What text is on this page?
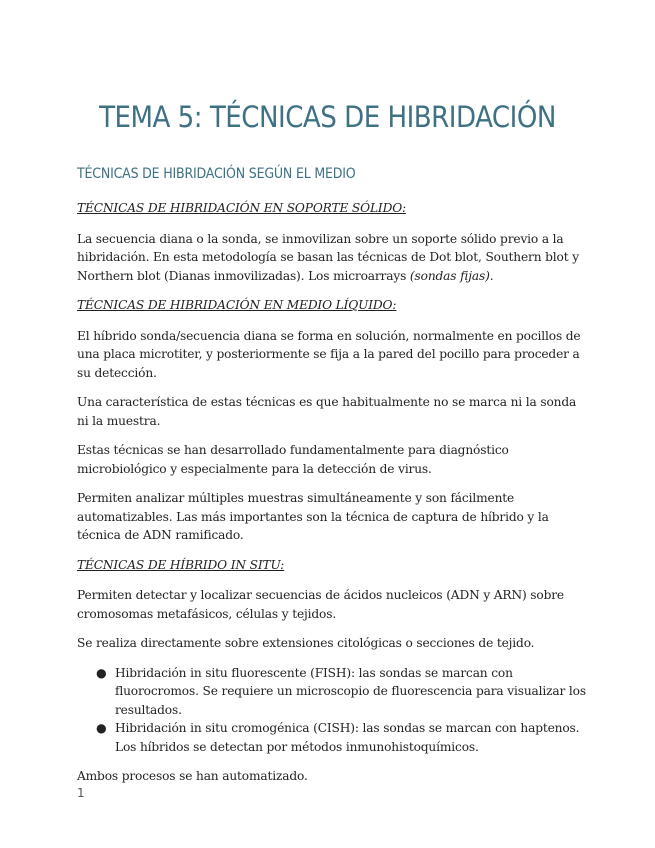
TEMA 5: TÉCNICAS DE HIBRIDACIÓN
TÉCNICAS DE HIBRIDACIÓN SEGÚN EL MEDIO

TÉCNICAS DE HIBRIDACIÓN EN SOPORTE SÓLIDO:

La secuencia diana o la sonda, se inmovilizan sobre un soporte sólido previo a la hibridación. En esta metodología se basan las técnicas de Dot blot, Southern blot y Northern blot (Dianas inmovilizadas). Los microarrays (sondas fijas).

TÉCNICAS DE HIBRIDACIÓN EN MEDIO LÍQUIDO:

El híbrido sonda/secuencia diana se forma en solución, normalmente en pocillos de una placa microtiter, y posteriormente se fija a la pared del pocillo para proceder a su detección.

Una característica de estas técnicas es que habitualmente no se marca ni la sonda ni la muestra.

Estas técnicas se han desarrollado fundamentalmente para diagnóstico microbiológico y especialmente para la detección de virus.

Permiten analizar múltiples muestras simultáneamente y son fácilmente automatizables. Las más importantes son la técnica de captura de híbrido y la técnica de ADN ramificado.

TÉCNICAS DE HÍBRIDO IN SITU:

Permiten detectar y localizar secuencias de ácidos nucleicos (ADN y ARN) sobre cromosomas metafásicos, células y tejidos.

Se realiza directamente sobre extensiones citológicas o secciones de tejido.

● Hibridación in situ fluorescente (FISH): las sondas se marcan con fluorocromos. Se requiere un microscopio de fluorescencia para visualizar los resultados.
● Hibridación in situ cromogénica (CISH): las sondas se marcan con haptenos. Los híbridos se detectan por métodos inmunohistoquímicos.

Ambos procesos se han automatizado.

1
